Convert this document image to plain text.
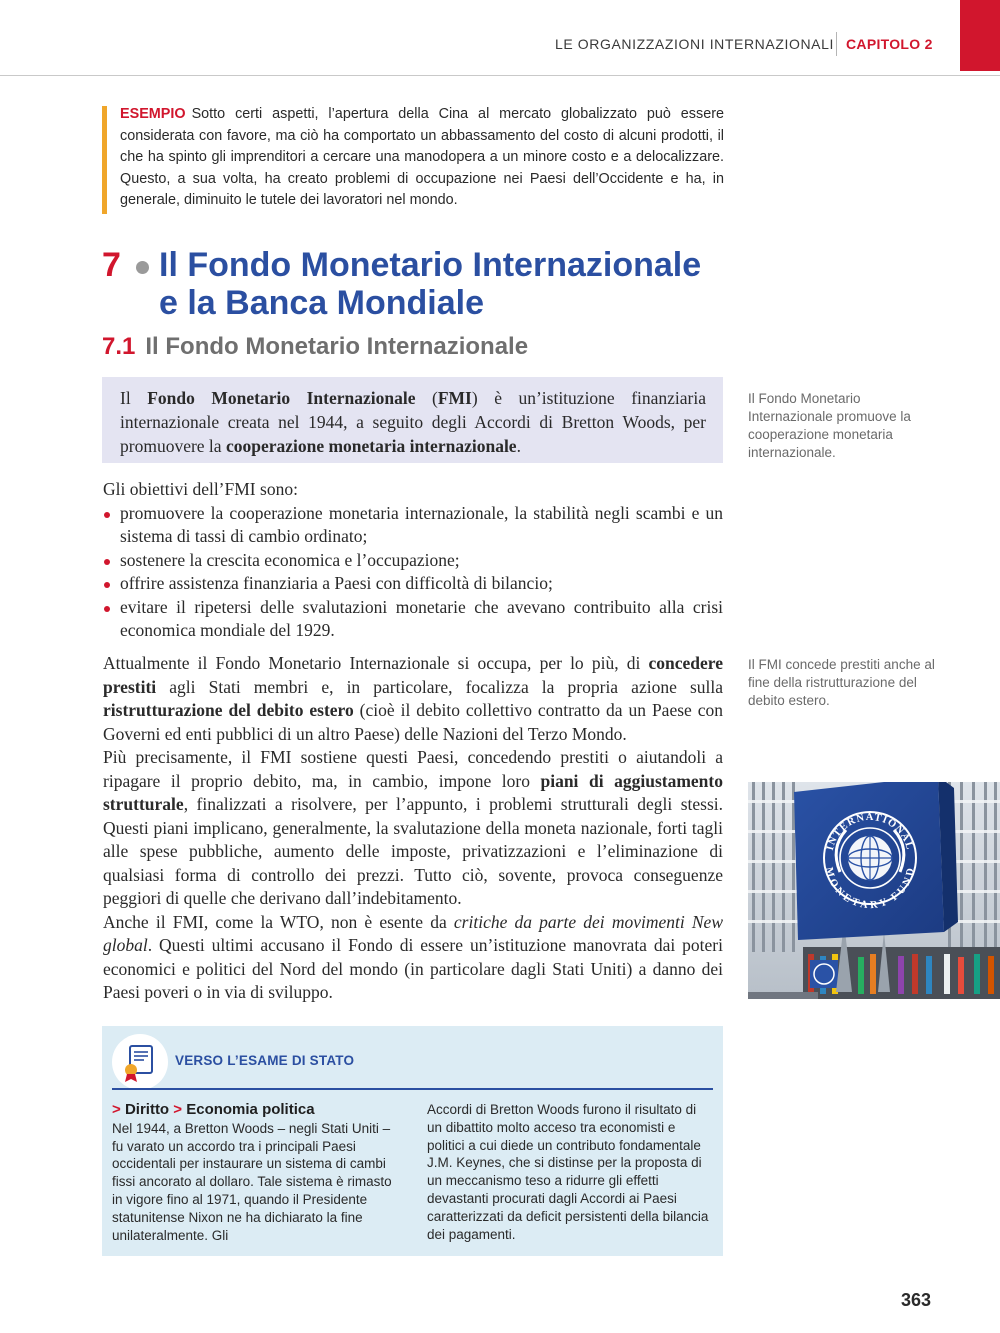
LE ORGANIZZAZIONI INTERNAZIONALI CAPITOLO 2
ESEMPIO Sotto certi aspetti, l’apertura della Cina al mercato globalizzato può essere considerata con favore, ma ciò ha comportato un abbassamento del costo di alcuni prodotti, il che ha spinto gli imprenditori a cercare una manodopera a un minore costo e a delocalizzare. Questo, a sua volta, ha creato problemi di occupazione nei Paesi dell’Occidente e ha, in generale, diminuito le tutele dei lavoratori nel mondo.
7 Il Fondo Monetario Internazionale
e la Banca Mondiale
7.1 Il Fondo Monetario Internazionale
Il Fondo Monetario Internazionale (FMI) è un’istituzione finanziaria internazionale creata nel 1944, a seguito degli Accordi di Bretton Woods, per promuovere la cooperazione monetaria internazionale.

Gli obiettivi dell’FMI sono:

promuovere la cooperazione monetaria internazionale, la stabilità negli scambi e un sistema di tassi di cambio ordinato;
sostenere la crescita economica e l’occupazione;
offrire assistenza finanziaria a Paesi con difficoltà di bilancio;
evitare il ripetersi delle svalutazioni monetarie che avevano contribuito alla crisi economica mondiale del 1929.

Attualmente il Fondo Monetario Internazionale si occupa, per lo più, di concedere prestiti agli Stati membri e, in particolare, focalizza la propria azione sulla ristrutturazione del debito estero (cioè il debito collettivo contratto da un Paese con Governi ed enti pubblici di un altro Paese) delle Nazioni del Terzo Mondo.

Più precisamente, il FMI sostiene questi Paesi, concedendo prestiti o aiutandoli a ripagare il proprio debito, ma, in cambio, impone loro piani di aggiustamento strutturale, finalizzati a risolvere, per l’appunto, i problemi strutturali degli stessi. Questi piani implicano, generalmente, la svalutazione della moneta nazionale, forti tagli alle spese pubbliche, aumento delle imposte, privatizzazioni e l’eliminazione di qualsiasi forma di controllo dei prezzi. Tutto ciò, sovente, provoca conseguenze peggiori di quelle che derivano dall’indebitamento.

Anche il FMI, come la WTO, non è esente da critiche da parte dei movimenti New global. Questi ultimi accusano il Fondo di essere un’istituzione manovrata dai poteri economici e politici del Nord del mondo (in particolare dagli Stati Uniti) a danno dei Paesi poveri o in via di sviluppo.

Il Fondo Monetario Internazionale promuove la cooperazione monetaria internazionale.
Il FMI concede prestiti anche al fine della ristrutturazione del debito estero.
INTERNATIONAL
MONETARY FUND
VERSO L’ESAME DI STATO
> Diritto > Economia politica
Nel 1944, a Bretton Woods – negli Stati Uniti – fu varato un accordo tra i principali Paesi occidentali per instaurare un sistema di cambi fissi ancorato al dollaro. Tale sistema è rimasto in vigore fino al 1971, quando il Presidente statunitense Nixon ne ha dichiarato la fine unilateralmente. Gli
Accordi di Bretton Woods furono il risultato di un dibattito molto acceso tra economisti e politici a cui diede un contributo fondamentale J.M. Keynes, che si distinse per la proposta di un meccanismo teso a ridurre gli effetti devastanti procurati dagli Accordi ai Paesi caratterizzati da deficit persistenti della bilancia dei pagamenti.
363
